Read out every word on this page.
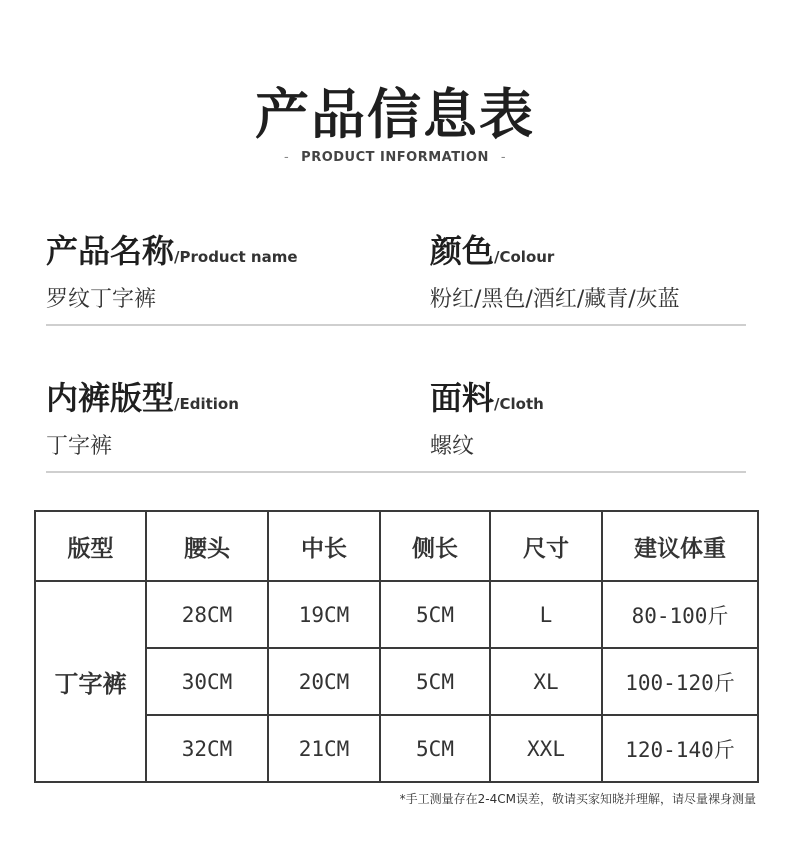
产品信息表
- PRODUCT INFORMATION -
产品名称/Product name
罗纹丁字裤
颜色/Colour
粉红/黑色/酒红/藏青/灰蓝
内裤版型/Edition
丁字裤
面料/Cloth
螺纹
版型	腰头	中长	侧长	尺寸	建议体重
丁字裤	28CM	19CM	5CM	L	80-100斤
	30CM	20CM	5CM	XL	100-120斤
	32CM	21CM	5CM	XXL	120-140斤
*手工测量存在2-4CM误差，敬请买家知晓并理解，请尽量裸身测量
